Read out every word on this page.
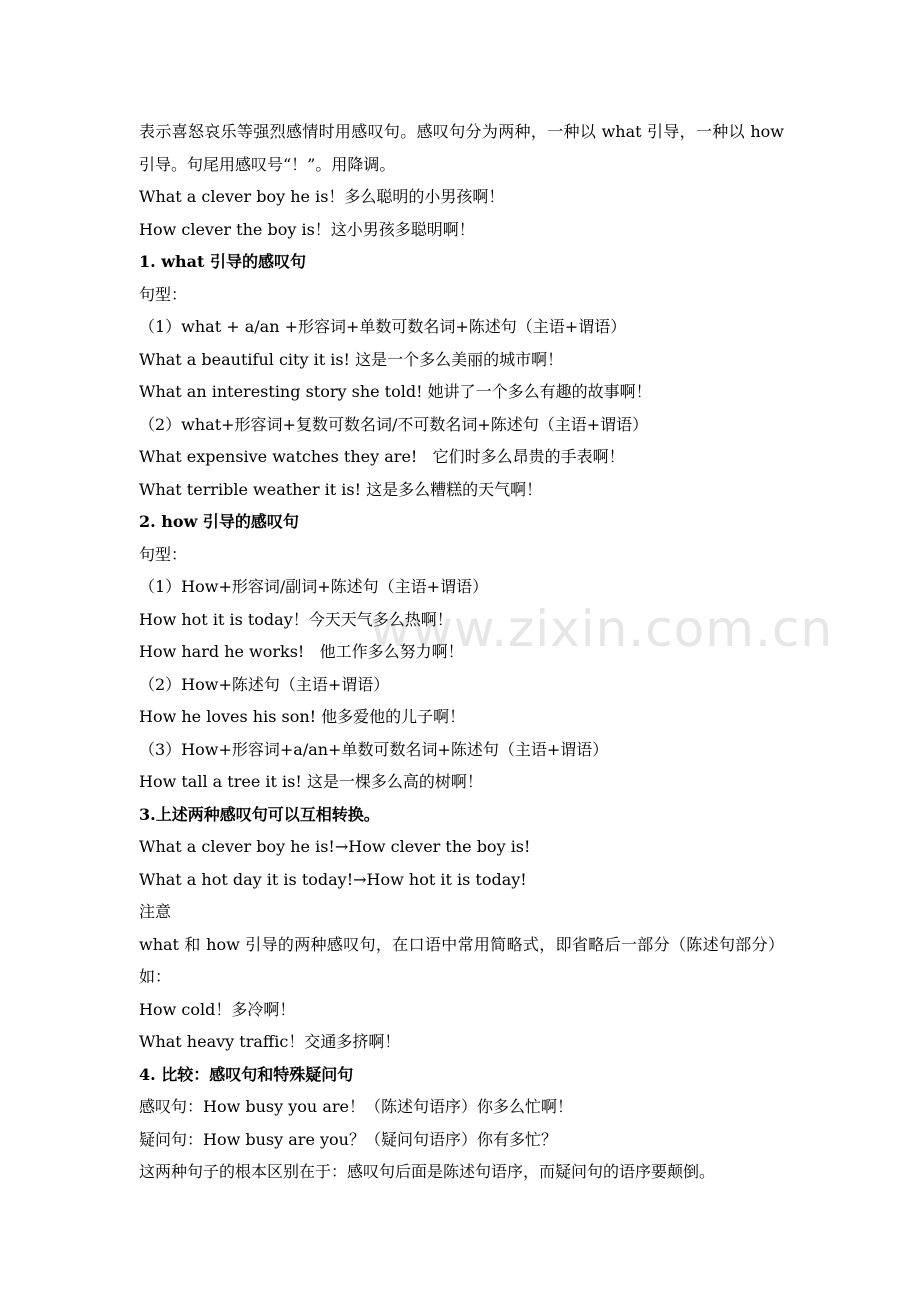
www.zixin.com.cn
表示喜怒哀乐等强烈感情时用感叹句。感叹句分为两种，一种以 what 引导，一种以 how 引导。句尾用感叹号“！”。用降调。
What a clever boy he is！多么聪明的小男孩啊！
How clever the boy is！这小男孩多聪明啊！
1. what 引导的感叹句
句型：
（1）what + a/an +形容词+单数可数名词+陈述句（主语+谓语）
What a beautiful city it is! 这是一个多么美丽的城市啊！
What an interesting story she told! 她讲了一个多么有趣的故事啊！
（2）what+形容词+复数可数名词/不可数名词+陈述句（主语+谓语）
What expensive watches they are!   它们时多么昂贵的手表啊！
What terrible weather it is! 这是多么糟糕的天气啊！
2. how 引导的感叹句
句型：
（1）How+形容词/副词+陈述句（主语+谓语）
How hot it is today！今天天气多么热啊！
How hard he works!   他工作多么努力啊！
（2）How+陈述句（主语+谓语）
How he loves his son! 他多爱他的儿子啊！
（3）How+形容词+a/an+单数可数名词+陈述句（主语+谓语）
How tall a tree it is! 这是一棵多么高的树啊！
3.上述两种感叹句可以互相转换。
What a clever boy he is!→How clever the boy is!
What a hot day it is today!→How hot it is today!
注意
what 和 how 引导的两种感叹句，在口语中常用简略式，即省略后一部分（陈述句部分）如：
How cold！多冷啊！
What heavy traffic！交通多挤啊！
4. 比较：感叹句和特殊疑问句
感叹句：How busy you are！（陈述句语序）你多么忙啊！
疑问句：How busy are you？（疑问句语序）你有多忙？
这两种句子的根本区别在于：感叹句后面是陈述句语序，而疑问句的语序要颠倒。
